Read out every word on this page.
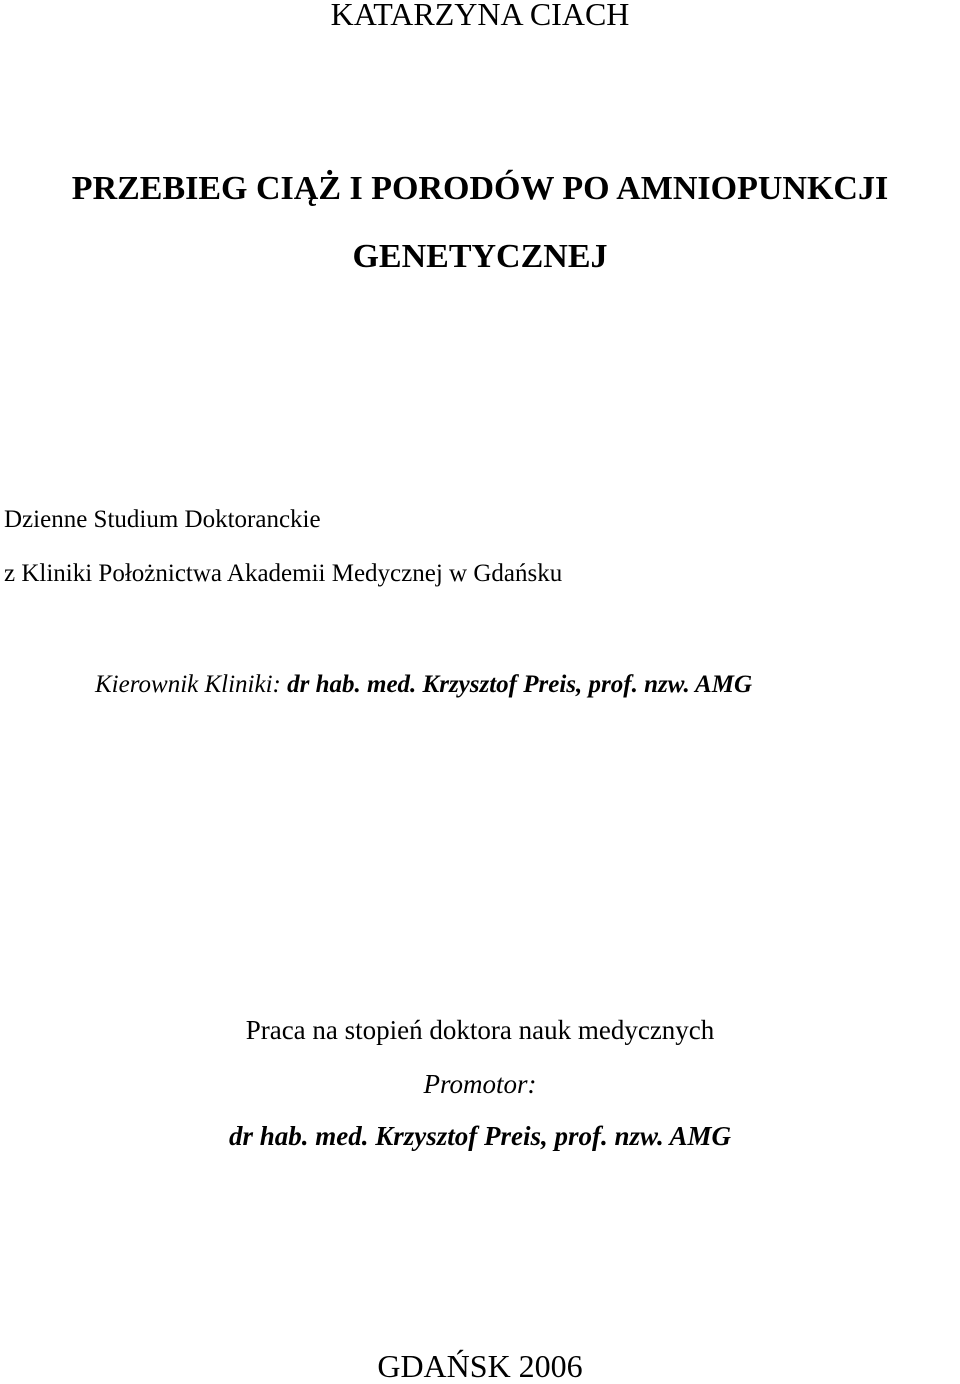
KATARZYNA CIACH
PRZEBIEG CIĄŻ I PORODÓW PO AMNIOPUNKCJI
GENETYCZNEJ
Dzienne Studium Doktoranckie
z Kliniki Położnictwa Akademii Medycznej w Gdańsku
Kierownik Kliniki: dr hab. med. Krzysztof Preis, prof. nzw. AMG
Praca na stopień doktora nauk medycznych
Promotor:
dr hab. med. Krzysztof Preis, prof. nzw. AMG
GDAŃSK 2006
